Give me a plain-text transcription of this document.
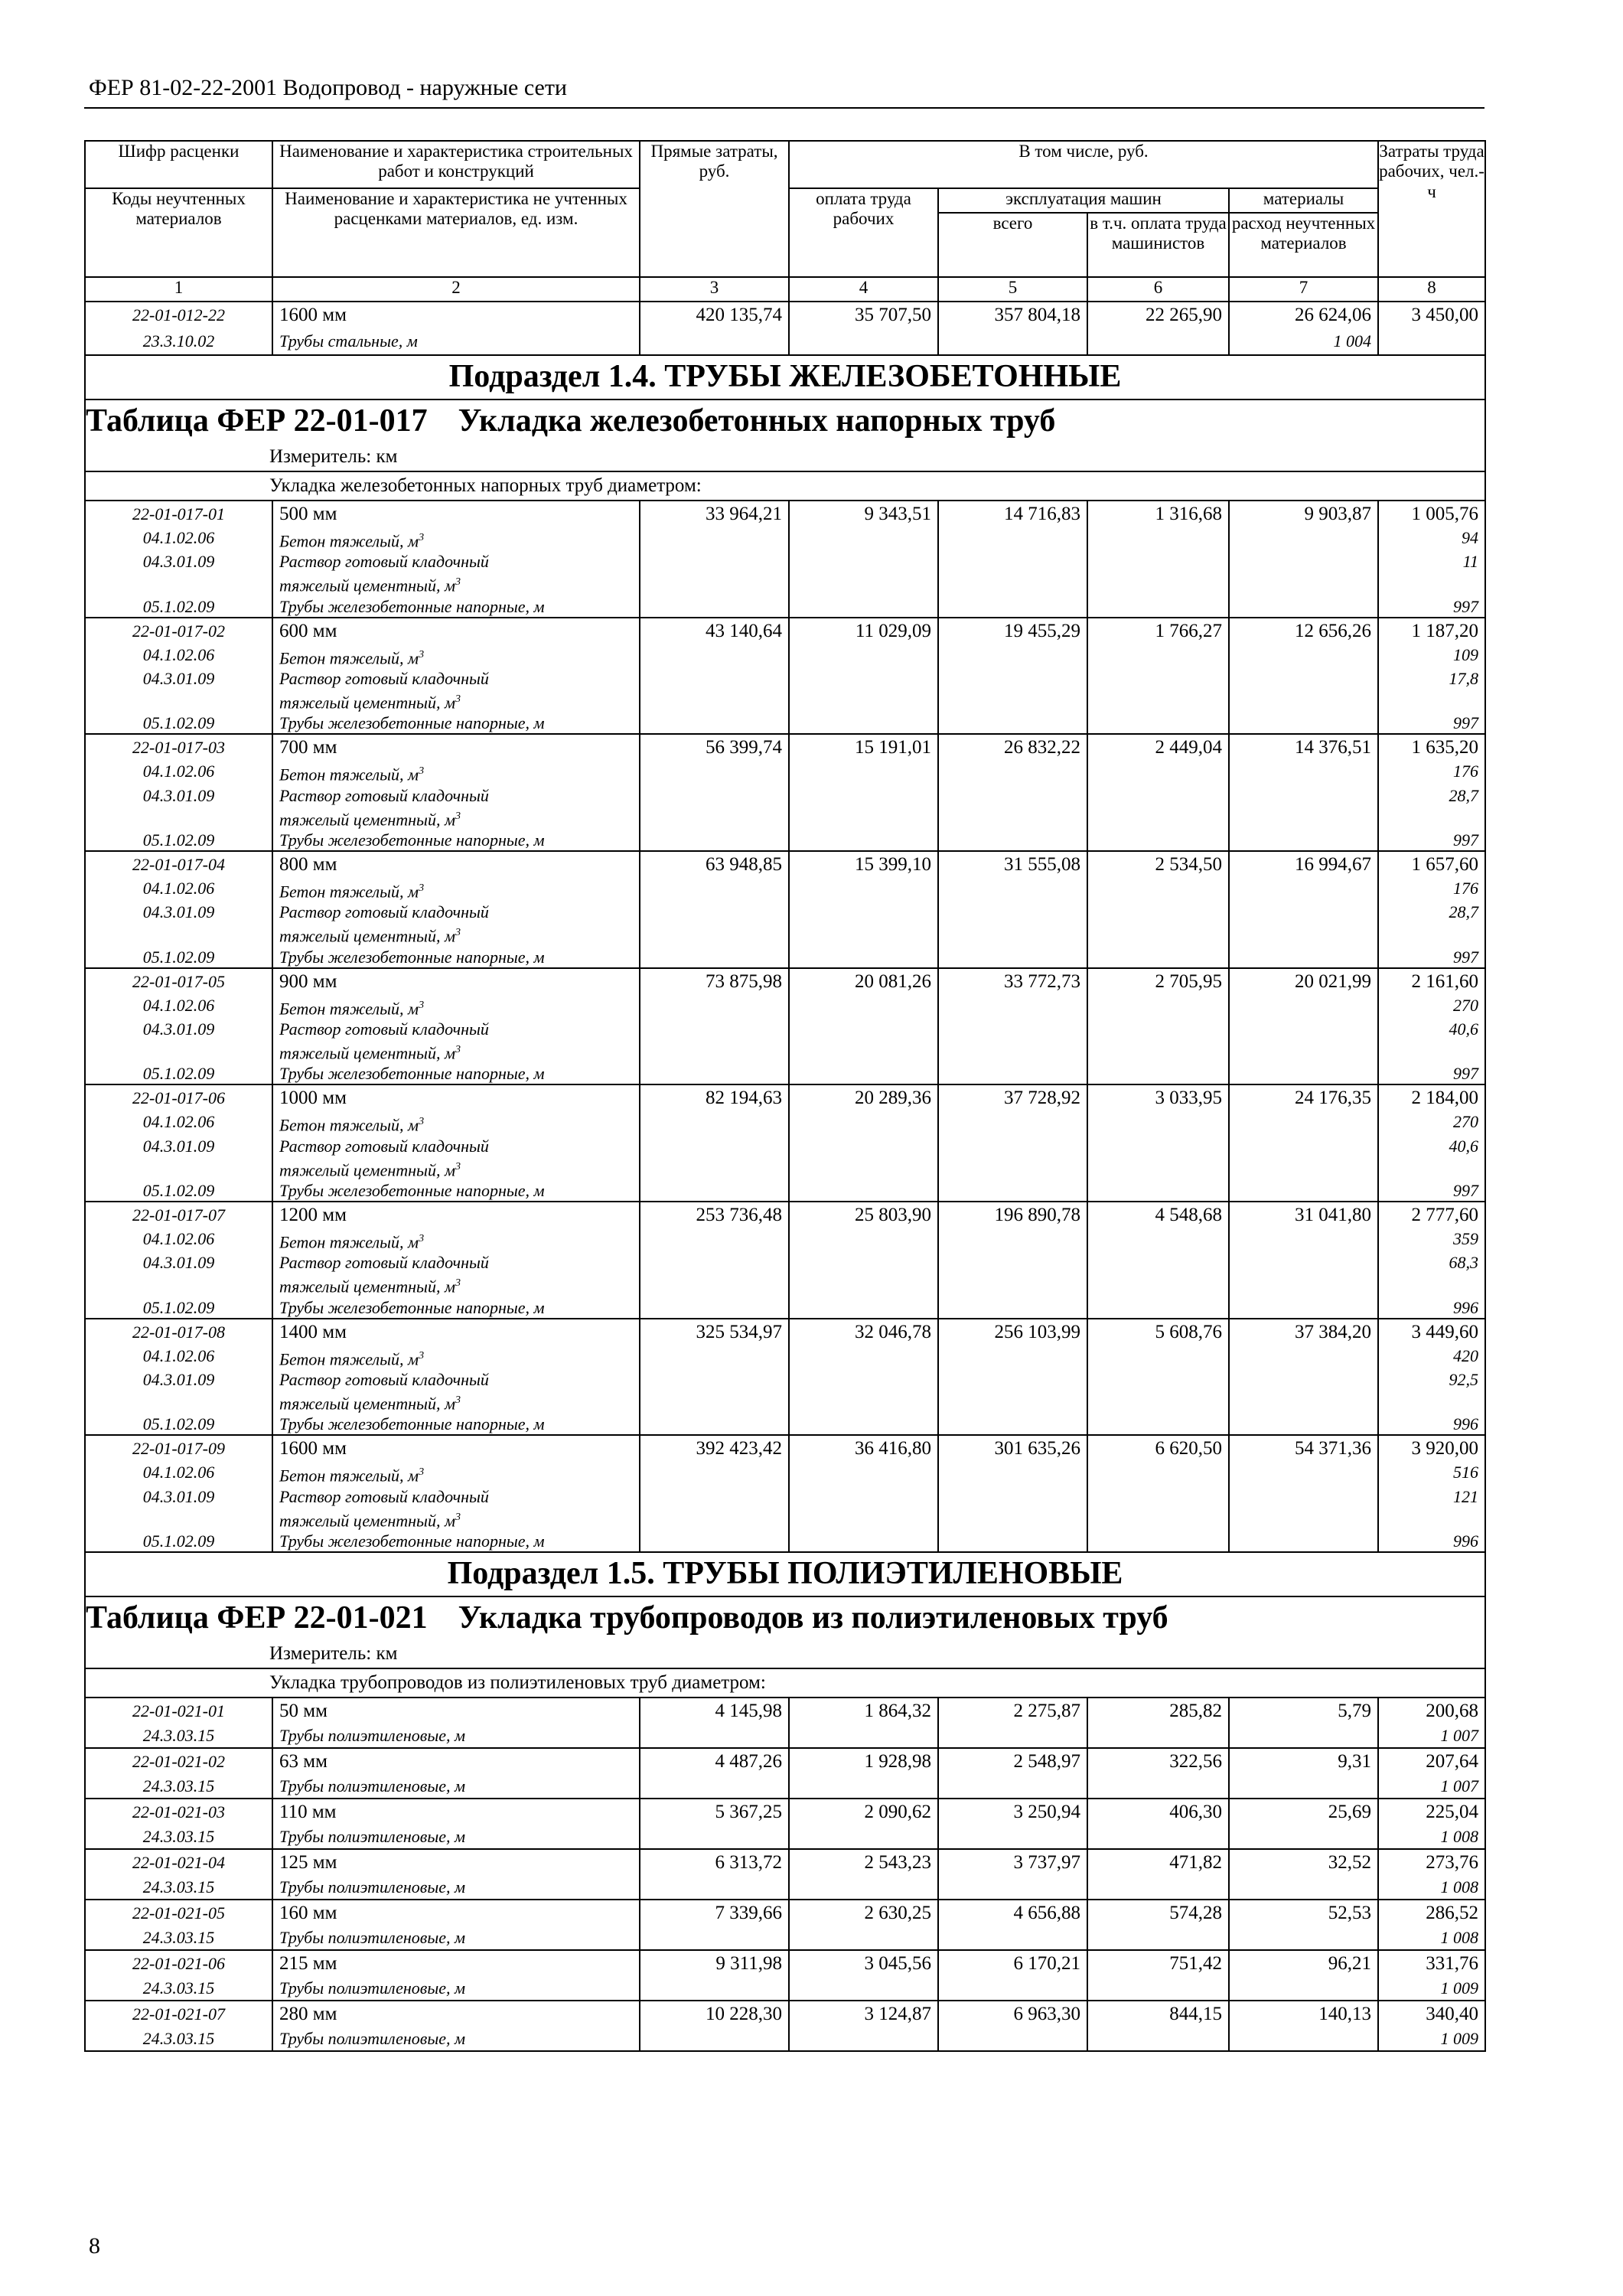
ФЕР 81-02-22-2001 Водопровод - наружные сети
Шифр расценки	Наименование и характеристика строительных работ и конструкций	Прямые затраты, руб.	В том числе, руб.				Затраты труда рабочих, чел.-ч	

Коды неучтенных материалов	Наименование и характеристика не учтенных расценками материалов, ед. изм.		оплата труда рабочих	эксплуатация машин		материалы		
				всего	в т.ч. оплата труда машинистов	расход неучтенных материалов		
1	2	3	4	5	6	7	8	
22-01-012-22	1600 мм	420 135,74	35 707,50	357 804,18	22 265,90	26 624,06	3 450,00	
23.3.10.02	Трубы стальные, м					1 004		
Подраздел 1.4. ТРУБЫ ЖЕЛЕЗОБЕТОННЫЕ								
Таблица ФЕР 22-01-017 Укладка железобетонных напорных труб								
Измеритель: км								
Укладка железобетонных напорных труб диаметром:								
22-01-017-01	500 мм	33 964,21	9 343,51	14 716,83	1 316,68	9 903,87	1 005,76	
04.1.02.06	Бетон тяжелый, $м^3$						94	
04.3.01.09	Раствор готовый кладочный						11	
	тяжелый цементный, $м^3$							
05.1.02.09	Трубы железобетонные напорные, м						997	
22-01-017-02	600 мм	43 140,64	11 029,09	19 455,29	1 766,27	12 656,26	1 187,20	
04.1.02.06	Бетон тяжелый, $м^3$						109	
04.3.01.09	Раствор готовый кладочный						17,8	
	тяжелый цементный, $м^3$							
05.1.02.09	Трубы железобетонные напорные, м						997	
22-01-017-03	700 мм	56 399,74	15 191,01	26 832,22	2 449,04	14 376,51	1 635,20	
04.1.02.06	Бетон тяжелый, $м^3$						176	
04.3.01.09	Раствор готовый кладочный						28,7	
	тяжелый цементный, $м^3$							
05.1.02.09	Трубы железобетонные напорные, м						997	
22-01-017-04	800 мм	63 948,85	15 399,10	31 555,08	2 534,50	16 994,67	1 657,60	
04.1.02.06	Бетон тяжелый, $м^3$						176	
04.3.01.09	Раствор готовый кладочный						28,7	
	тяжелый цементный, $м^3$							
05.1.02.09	Трубы железобетонные напорные, м						997	
22-01-017-05	900 мм	73 875,98	20 081,26	33 772,73	2 705,95	20 021,99	2 161,60	
04.1.02.06	Бетон тяжелый, $м^3$						270	
04.3.01.09	Раствор готовый кладочный						40,6	
	тяжелый цементный, $м^3$							
05.1.02.09	Трубы железобетонные напорные, м						997	
22-01-017-06	1000 мм	82 194,63	20 289,36	37 728,92	3 033,95	24 176,35	2 184,00	
04.1.02.06	Бетон тяжелый, $м^3$						270	
04.3.01.09	Раствор готовый кладочный						40,6	
	тяжелый цементный, $м^3$							
05.1.02.09	Трубы железобетонные напорные, м						997	
22-01-017-07	1200 мм	253 736,48	25 803,90	196 890,78	4 548,68	31 041,80	2 777,60	
04.1.02.06	Бетон тяжелый, $м^3$						359	
04.3.01.09	Раствор готовый кладочный						68,3	
	тяжелый цементный, $м^3$							
05.1.02.09	Трубы железобетонные напорные, м						996	
22-01-017-08	1400 мм	325 534,97	32 046,78	256 103,99	5 608,76	37 384,20	3 449,60	
04.1.02.06	Бетон тяжелый, $м^3$						420	
04.3.01.09	Раствор готовый кладочный						92,5	
	тяжелый цементный, $м^3$							
05.1.02.09	Трубы железобетонные напорные, м						996	
22-01-017-09	1600 мм	392 423,42	36 416,80	301 635,26	6 620,50	54 371,36	3 920,00	
04.1.02.06	Бетон тяжелый, $м^3$						516	
04.3.01.09	Раствор готовый кладочный						121	
	тяжелый цементный, $м^3$							
05.1.02.09	Трубы железобетонные напорные, м						996	
Подраздел 1.5. ТРУБЫ ПОЛИЭТИЛЕНОВЫЕ								
Таблица ФЕР 22-01-021 Укладка трубопроводов из полиэтиленовых труб								
Измеритель: км								
Укладка трубопроводов из полиэтиленовых труб диаметром:								
22-01-021-01	50 мм	4 145,98	1 864,32	2 275,87	285,82	5,79	200,68	
24.3.03.15	Трубы полиэтиленовые, м						1 007	
22-01-021-02	63 мм	4 487,26	1 928,98	2 548,97	322,56	9,31	207,64	
24.3.03.15	Трубы полиэтиленовые, м						1 007	
22-01-021-03	110 мм	5 367,25	2 090,62	3 250,94	406,30	25,69	225,04	
24.3.03.15	Трубы полиэтиленовые, м						1 008	
22-01-021-04	125 мм	6 313,72	2 543,23	3 737,97	471,82	32,52	273,76	
24.3.03.15	Трубы полиэтиленовые, м						1 008	
22-01-021-05	160 мм	7 339,66	2 630,25	4 656,88	574,28	52,53	286,52	
24.3.03.15	Трубы полиэтиленовые, м						1 008	
22-01-021-06	215 мм	9 311,98	3 045,56	6 170,21	751,42	96,21	331,76	
24.3.03.15	Трубы полиэтиленовые, м						1 009	
22-01-021-07	280 мм	10 228,30	3 124,87	6 963,30	844,15	140,13	340,40	
24.3.03.15	Трубы полиэтиленовые, м						1 009	
8
